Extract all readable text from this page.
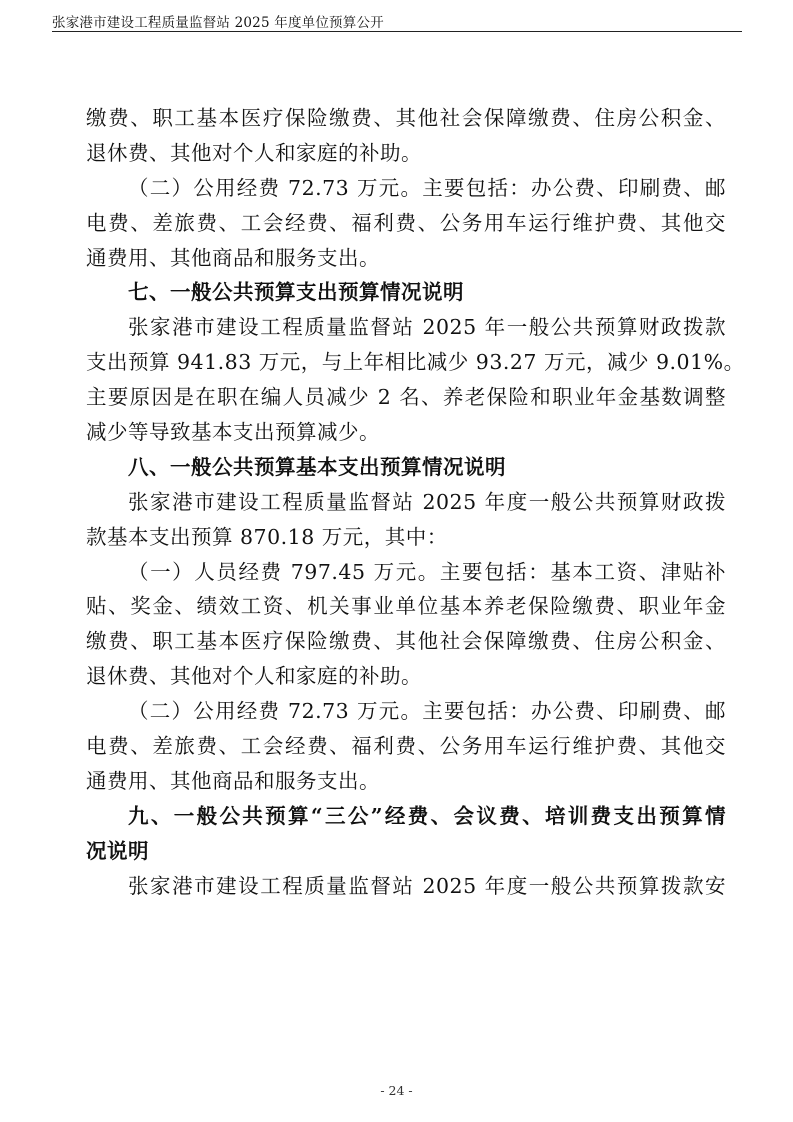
张家港市建设工程质量监督站 2025 年度单位预算公开
缴费、职工基本医疗保险缴费、其他社会保障缴费、住房公积金、
退休费、其他对个人和家庭的补助。
（二）公用经费 72.73 万元。主要包括：办公费、印刷费、邮
电费、差旅费、工会经费、福利费、公务用车运行维护费、其他交
通费用、其他商品和服务支出。
七、一般公共预算支出预算情况说明
张家港市建设工程质量监督站 2025 年一般公共预算财政拨款
支出预算 941.83 万元，与上年相比减少 93.27 万元，减少 9.01%。
主要原因是在职在编人员减少 2 名、养老保险和职业年金基数调整
减少等导致基本支出预算减少。
八、一般公共预算基本支出预算情况说明
张家港市建设工程质量监督站 2025 年度一般公共预算财政拨
款基本支出预算 870.18 万元，其中：
（一）人员经费 797.45 万元。主要包括：基本工资、津贴补
贴、奖金、绩效工资、机关事业单位基本养老保险缴费、职业年金
缴费、职工基本医疗保险缴费、其他社会保障缴费、住房公积金、
退休费、其他对个人和家庭的补助。
（二）公用经费 72.73 万元。主要包括：办公费、印刷费、邮
电费、差旅费、工会经费、福利费、公务用车运行维护费、其他交
通费用、其他商品和服务支出。
九、一般公共预算“三公”经费、会议费、培训费支出预算情
况说明
张家港市建设工程质量监督站 2025 年度一般公共预算拨款安
- 24 -
